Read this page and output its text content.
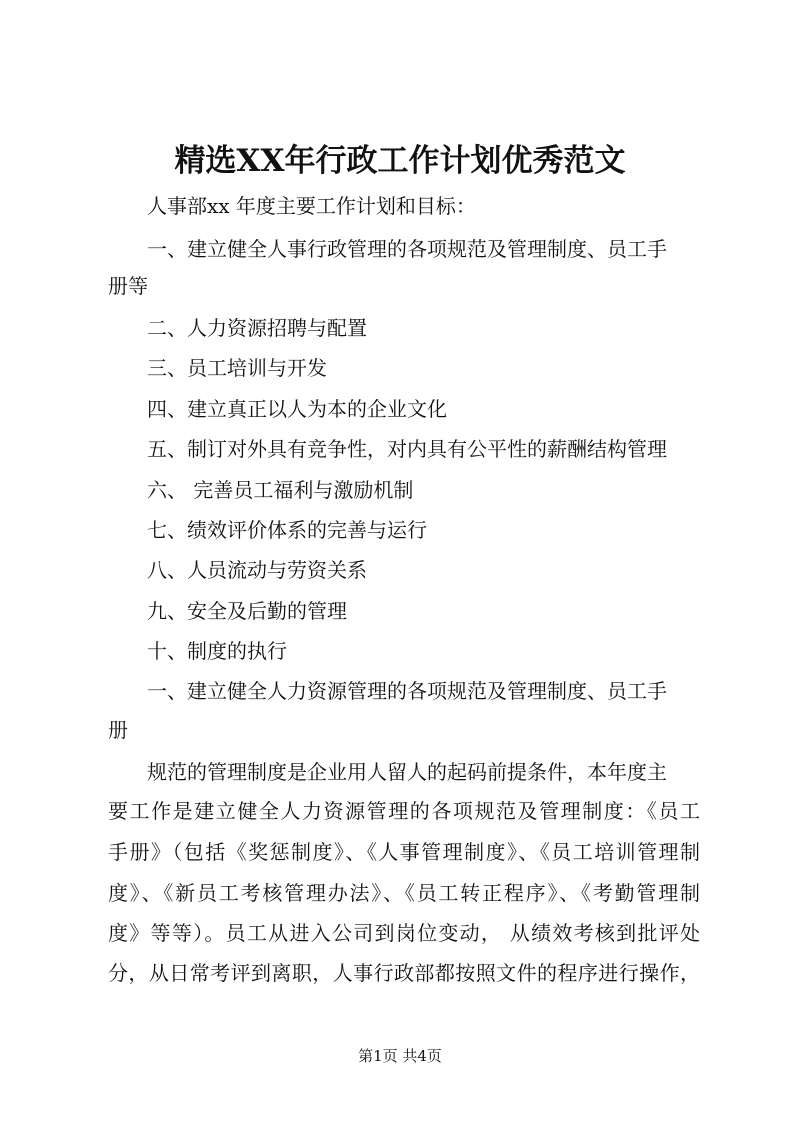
精选XX年行政工作计划优秀范文
人事部xx 年度主要工作计划和目标：
一、建立健全人事行政管理的各项规范及管理制度、员工手
册等
二、人力资源招聘与配置
三、员工培训与开发
四、建立真正以人为本的企业文化
五、制订对外具有竞争性，对内具有公平性的薪酬结构管理
六、 完善员工福利与激励机制
七、绩效评价体系的完善与运行
八、人员流动与劳资关系
九、安全及后勤的管理
十、制度的执行
一、建立健全人力资源管理的各项规范及管理制度、员工手
册
规范的管理制度是企业用人留人的起码前提条件，本年度主
要工作是建立健全人力资源管理的各项规范及管理制度：《员工
手册》（包括《奖惩制度》、《人事管理制度》、《员工培训管理制
度》、《新员工考核管理办法》、《员工转正程序》、《考勤管理制
度》等等）。员工从进入公司到岗位变动， 从绩效考核到批评处
分，从日常考评到离职，人事行政部都按照文件的程序进行操作，
第1页 共4页
